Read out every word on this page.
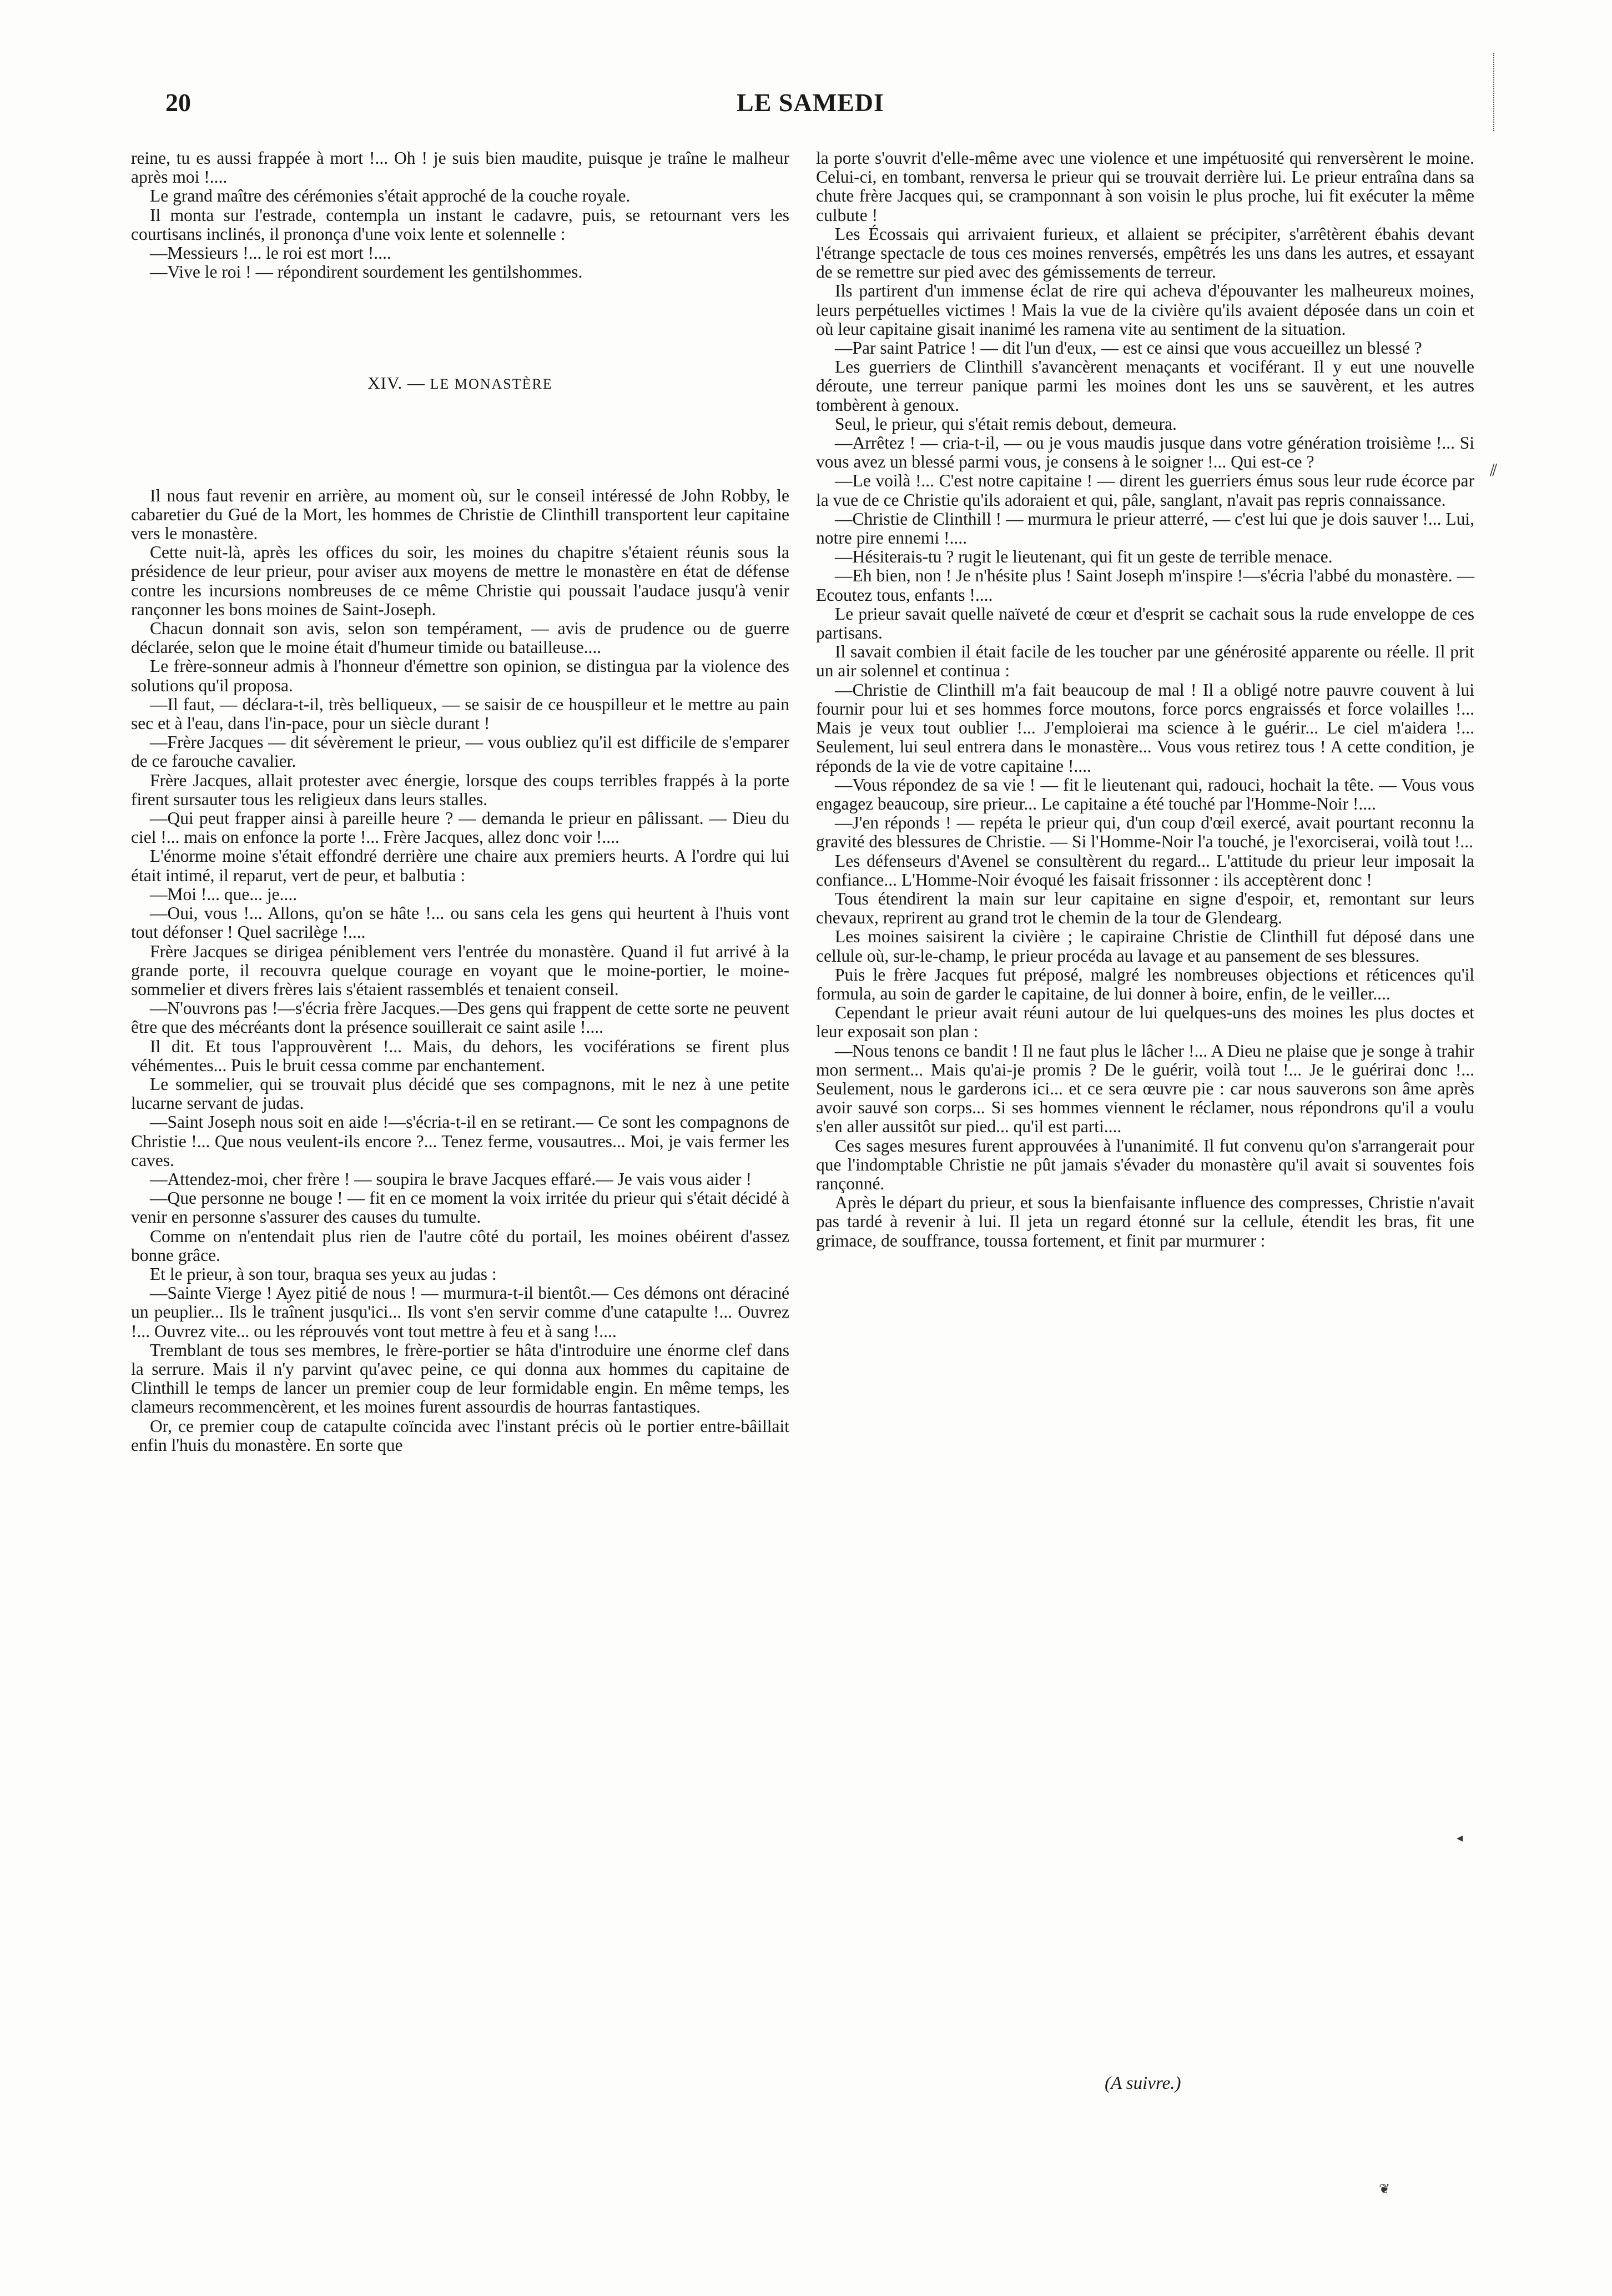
20	LE SAMEDI
⫽
◂
❦

reine, tu es aussi frappée à mort !... Oh ! je suis bien maudite, puisque je traîne le malheur après moi !....

Le grand maître des cérémonies s'était approché de la couche royale.

Il monta sur l'estrade, contempla un instant le cadavre, puis, se retournant vers les courtisans inclinés, il prononça d'une voix lente et solennelle :

—Messieurs !... le roi est mort !....

—Vive le roi ! — répondirent sourdement les gentilshommes.

XIV. — LE MONASTÈRE

Il nous faut revenir en arrière, au moment où, sur le conseil intéressé de John Robby, le cabaretier du Gué de la Mort, les hommes de Christie de Clinthill transportent leur capitaine vers le monastère.

Cette nuit-là, après les offices du soir, les moines du chapitre s'étaient réunis sous la présidence de leur prieur, pour aviser aux moyens de mettre le monastère en état de défense contre les incursions nombreuses de ce même Christie qui poussait l'audace jusqu'à venir rançonner les bons moines de Saint-Joseph.

Chacun donnait son avis, selon son tempérament, — avis de prudence ou de guerre déclarée, selon que le moine était d'humeur timide ou batailleuse....

Le frère-sonneur admis à l'honneur d'émettre son opinion, se distingua par la violence des solutions qu'il proposa.

—Il faut, — déclara-t-il, très belliqueux, — se saisir de ce houspilleur et le mettre au pain sec et à l'eau, dans l'in-pace, pour un siècle durant !

—Frère Jacques — dit sévèrement le prieur, — vous oubliez qu'il est difficile de s'emparer de ce farouche cavalier.

Frère Jacques, allait protester avec énergie, lorsque des coups terribles frappés à la porte firent sursauter tous les religieux dans leurs stalles.

—Qui peut frapper ainsi à pareille heure ? — demanda le prieur en pâlissant. — Dieu du ciel !... mais on enfonce la porte !... Frère Jacques, allez donc voir !....

L'énorme moine s'était effondré derrière une chaire aux premiers heurts. A l'ordre qui lui était intimé, il reparut, vert de peur, et balbutia :

—Moi !... que... je....

—Oui, vous !... Allons, qu'on se hâte !... ou sans cela les gens qui heurtent à l'huis vont tout défonser ! Quel sacrilège !....

Frère Jacques se dirigea péniblement vers l'entrée du monastère. Quand il fut arrivé à la grande porte, il recouvra quelque courage en voyant que le moine-portier, le moine-sommelier et divers frères lais s'étaient rassemblés et tenaient conseil.

—N'ouvrons pas !—s'écria frère Jacques.—Des gens qui frappent de cette sorte ne peuvent être que des mécréants dont la présence souillerait ce saint asile !....

Il dit. Et tous l'approuvèrent !... Mais, du dehors, les vociférations se firent plus véhémentes... Puis le bruit cessa comme par enchantement.

Le sommelier, qui se trouvait plus décidé que ses compagnons, mit le nez à une petite lucarne servant de judas.

—Saint Joseph nous soit en aide !—s'écria-t-il en se retirant.— Ce sont les compagnons de Christie !... Que nous veulent-ils encore ?... Tenez ferme, vousautres... Moi, je vais fermer les caves.

—Attendez-moi, cher frère ! — soupira le brave Jacques effaré.— Je vais vous aider !

—Que personne ne bouge ! — fit en ce moment la voix irritée du prieur qui s'était décidé à venir en personne s'assurer des causes du tumulte.

Comme on n'entendait plus rien de l'autre côté du portail, les moines obéirent d'assez bonne grâce.

Et le prieur, à son tour, braqua ses yeux au judas :

—Sainte Vierge ! Ayez pitié de nous ! — murmura-t-il bientôt.— Ces démons ont déraciné un peuplier... Ils le traînent jusqu'ici... Ils vont s'en servir comme d'une catapulte !... Ouvrez !... Ouvrez vite... ou les réprouvés vont tout mettre à feu et à sang !....

Tremblant de tous ses membres, le frère-portier se hâta d'introduire une énorme clef dans la serrure. Mais il n'y parvint qu'avec peine, ce qui donna aux hommes du capitaine de Clinthill le temps de lancer un premier coup de leur formidable engin. En même temps, les clameurs recommencèrent, et les moines furent assourdis de hourras fantastiques.

Or, ce premier coup de catapulte coïncida avec l'instant précis où le portier entre-bâillait enfin l'huis du monastère. En sorte que

la porte s'ouvrit d'elle-même avec une violence et une impétuosité qui renversèrent le moine. Celui-ci, en tombant, renversa le prieur qui se trouvait derrière lui. Le prieur entraîna dans sa chute frère Jacques qui, se cramponnant à son voisin le plus proche, lui fit exécuter la même culbute !

Les Écossais qui arrivaient furieux, et allaient se précipiter, s'arrêtèrent ébahis devant l'étrange spectacle de tous ces moines renversés, empêtrés les uns dans les autres, et essayant de se remettre sur pied avec des gémissements de terreur.

Ils partirent d'un immense éclat de rire qui acheva d'épouvanter les malheureux moines, leurs perpétuelles victimes ! Mais la vue de la civière qu'ils avaient déposée dans un coin et où leur capitaine gisait inanimé les ramena vite au sentiment de la situation.

—Par saint Patrice ! — dit l'un d'eux, — est ce ainsi que vous accueillez un blessé ?

Les guerriers de Clinthill s'avancèrent menaçants et vociférant. Il y eut une nouvelle déroute, une terreur panique parmi les moines dont les uns se sauvèrent, et les autres tombèrent à genoux.

Seul, le prieur, qui s'était remis debout, demeura.

—Arrêtez ! — cria-t-il, — ou je vous maudis jusque dans votre génération troisième !... Si vous avez un blessé parmi vous, je consens à le soigner !... Qui est-ce ?

—Le voilà !... C'est notre capitaine ! — dirent les guerriers émus sous leur rude écorce par la vue de ce Christie qu'ils adoraient et qui, pâle, sanglant, n'avait pas repris connaissance.

—Christie de Clinthill ! — murmura le prieur atterré, — c'est lui que je dois sauver !... Lui, notre pire ennemi !....

—Hésiterais-tu ? rugit le lieutenant, qui fit un geste de terrible menace.

—Eh bien, non ! Je n'hésite plus ! Saint Joseph m'inspire !—s'écria l'abbé du monastère. — Ecoutez tous, enfants !....

Le prieur savait quelle naïveté de cœur et d'esprit se cachait sous la rude enveloppe de ces partisans.

Il savait combien il était facile de les toucher par une générosité apparente ou réelle. Il prit un air solennel et continua :

—Christie de Clinthill m'a fait beaucoup de mal ! Il a obligé notre pauvre couvent à lui fournir pour lui et ses hommes force moutons, force porcs engraissés et force volailles !... Mais je veux tout oublier !... J'emploierai ma science à le guérir... Le ciel m'aidera !... Seulement, lui seul entrera dans le monastère... Vous vous retirez tous ! A cette condition, je réponds de la vie de votre capitaine !....

—Vous répondez de sa vie ! — fit le lieutenant qui, radouci, hochait la tête. — Vous vous engagez beaucoup, sire prieur... Le capitaine a été touché par l'Homme-Noir !....

—J'en réponds ! — repéta le prieur qui, d'un coup d'œil exercé, avait pourtant reconnu la gravité des blessures de Christie. — Si l'Homme-Noir l'a touché, je l'exorciserai, voilà tout !...

Les défenseurs d'Avenel se consultèrent du regard... L'attitude du prieur leur imposait la confiance... L'Homme-Noir évoqué les faisait frissonner : ils acceptèrent donc !

Tous étendirent la main sur leur capitaine en signe d'espoir, et, remontant sur leurs chevaux, reprirent au grand trot le chemin de la tour de Glendearg.

Les moines saisirent la civière ; le capiraine Christie de Clinthill fut déposé dans une cellule où, sur-le-champ, le prieur procéda au lavage et au pansement de ses blessures.

Puis le frère Jacques fut préposé, malgré les nombreuses objections et réticences qu'il formula, au soin de garder le capitaine, de lui donner à boire, enfin, de le veiller....

Cependant le prieur avait réuni autour de lui quelques-uns des moines les plus doctes et leur exposait son plan :

—Nous tenons ce bandit ! Il ne faut plus le lâcher !... A Dieu ne plaise que je songe à trahir mon serment... Mais qu'ai-je promis ? De le guérir, voilà tout !... Je le guérirai donc !... Seulement, nous le garderons ici... et ce sera œuvre pie : car nous sauverons son âme après avoir sauvé son corps... Si ses hommes viennent le réclamer, nous répondrons qu'il a voulu s'en aller aussitôt sur pied... qu'il est parti....

Ces sages mesures furent approuvées à l'unanimité. Il fut convenu qu'on s'arrangerait pour que l'indomptable Christie ne pût jamais s'évader du monastère qu'il avait si souventes fois rançonné.

Après le départ du prieur, et sous la bienfaisante influence des compresses, Christie n'avait pas tardé à revenir à lui. Il jeta un regard étonné sur la cellule, étendit les bras, fit une grimace, de souffrance, toussa fortement, et finit par murmurer :

(A suivre.)
